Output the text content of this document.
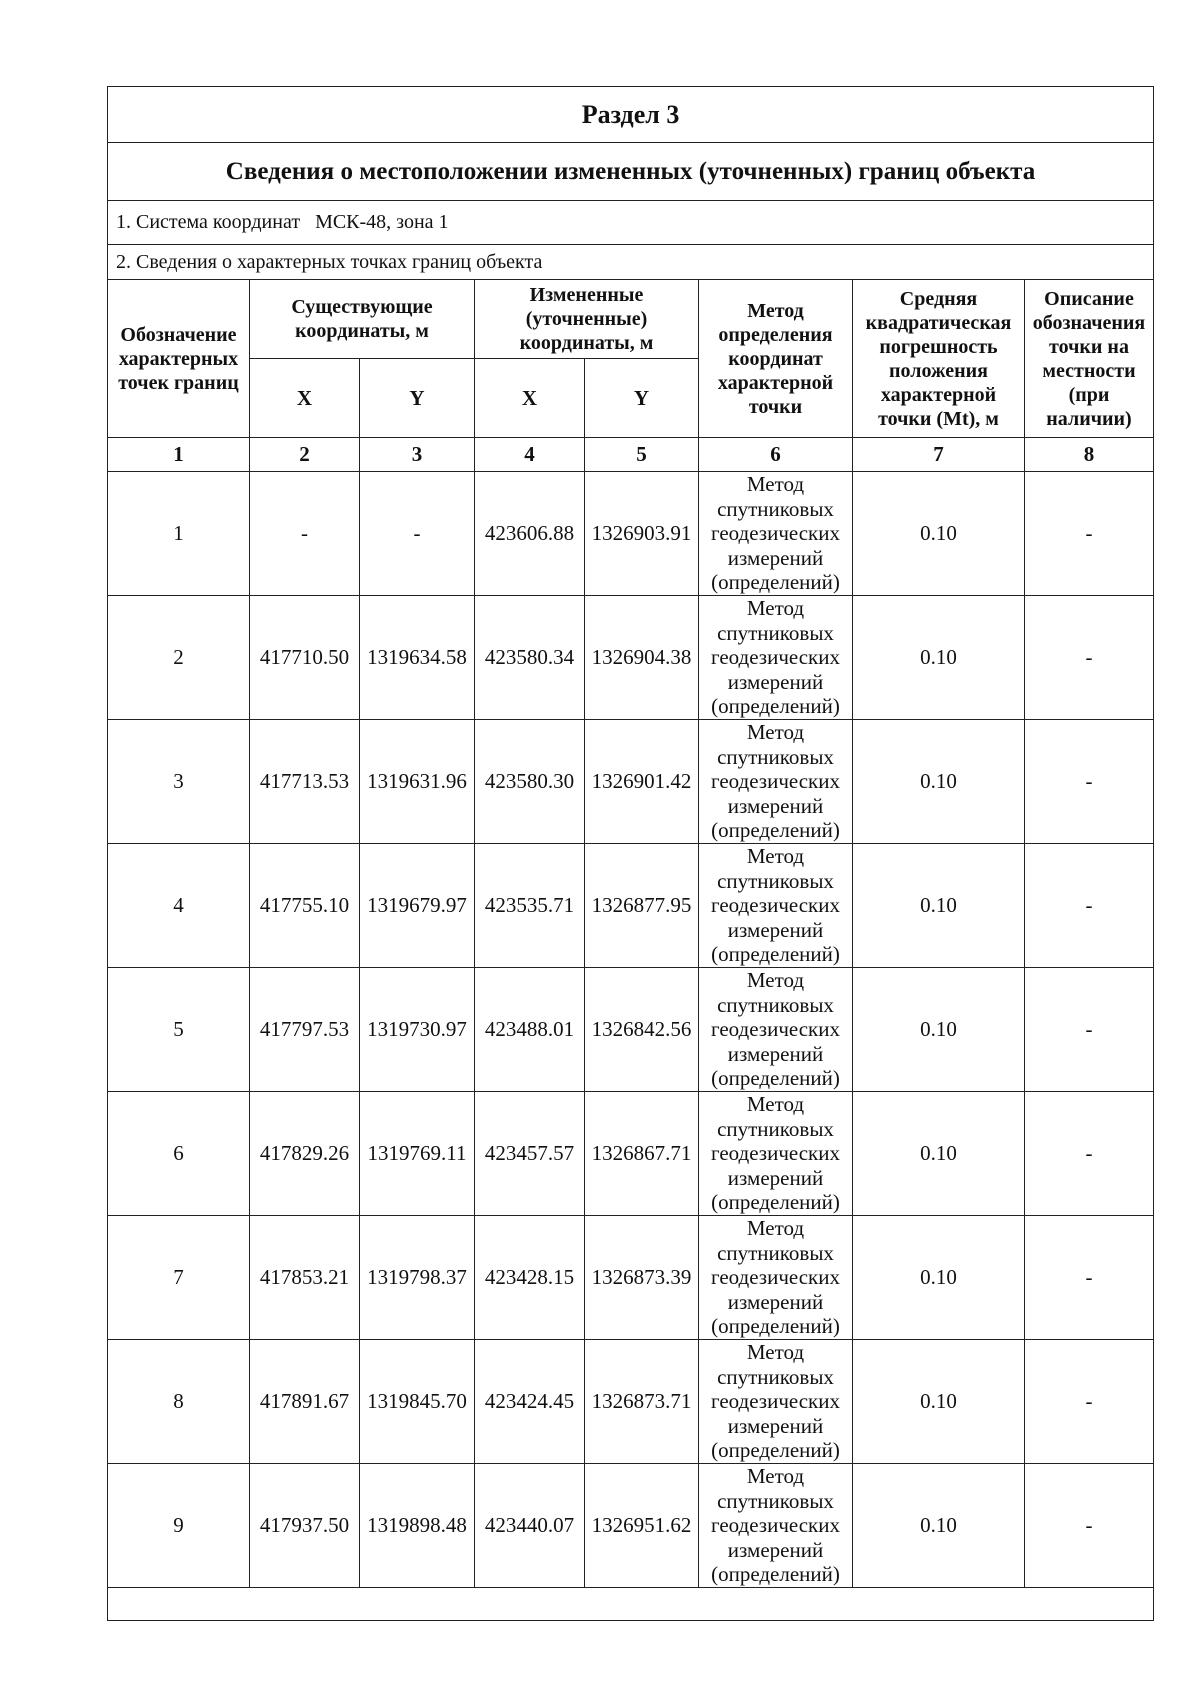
Раздел 3							
Сведения о местоположении измененных (уточненных) границ объекта							
1. Система координат МСК-48, зона 1							
2. Сведения о характерных точках границ объекта							
Обозначение характерных точек границ	Существующие координаты, м		Измененные (уточненные) координаты, м		Метод определения координат характерной точки	Средняя квадратическая погрешность положения характерной точки (Mt), м	Описание обозначения точки на местности (при наличии)
	X	Y	X	Y			
1	2	3	4	5	6	7	8
1	-	-	423606.88	1326903.91	Метод спутниковых геодезических измерений (определений)	0.10	-
2	417710.50	1319634.58	423580.34	1326904.38	Метод спутниковых геодезических измерений (определений)	0.10	-
3	417713.53	1319631.96	423580.30	1326901.42	Метод спутниковых геодезических измерений (определений)	0.10	-
4	417755.10	1319679.97	423535.71	1326877.95	Метод спутниковых геодезических измерений (определений)	0.10	-
5	417797.53	1319730.97	423488.01	1326842.56	Метод спутниковых геодезических измерений (определений)	0.10	-
6	417829.26	1319769.11	423457.57	1326867.71	Метод спутниковых геодезических измерений (определений)	0.10	-
7	417853.21	1319798.37	423428.15	1326873.39	Метод спутниковых геодезических измерений (определений)	0.10	-
8	417891.67	1319845.70	423424.45	1326873.71	Метод спутниковых геодезических измерений (определений)	0.10	-
9	417937.50	1319898.48	423440.07	1326951.62	Метод спутниковых геодезических измерений (определений)	0.10	-
